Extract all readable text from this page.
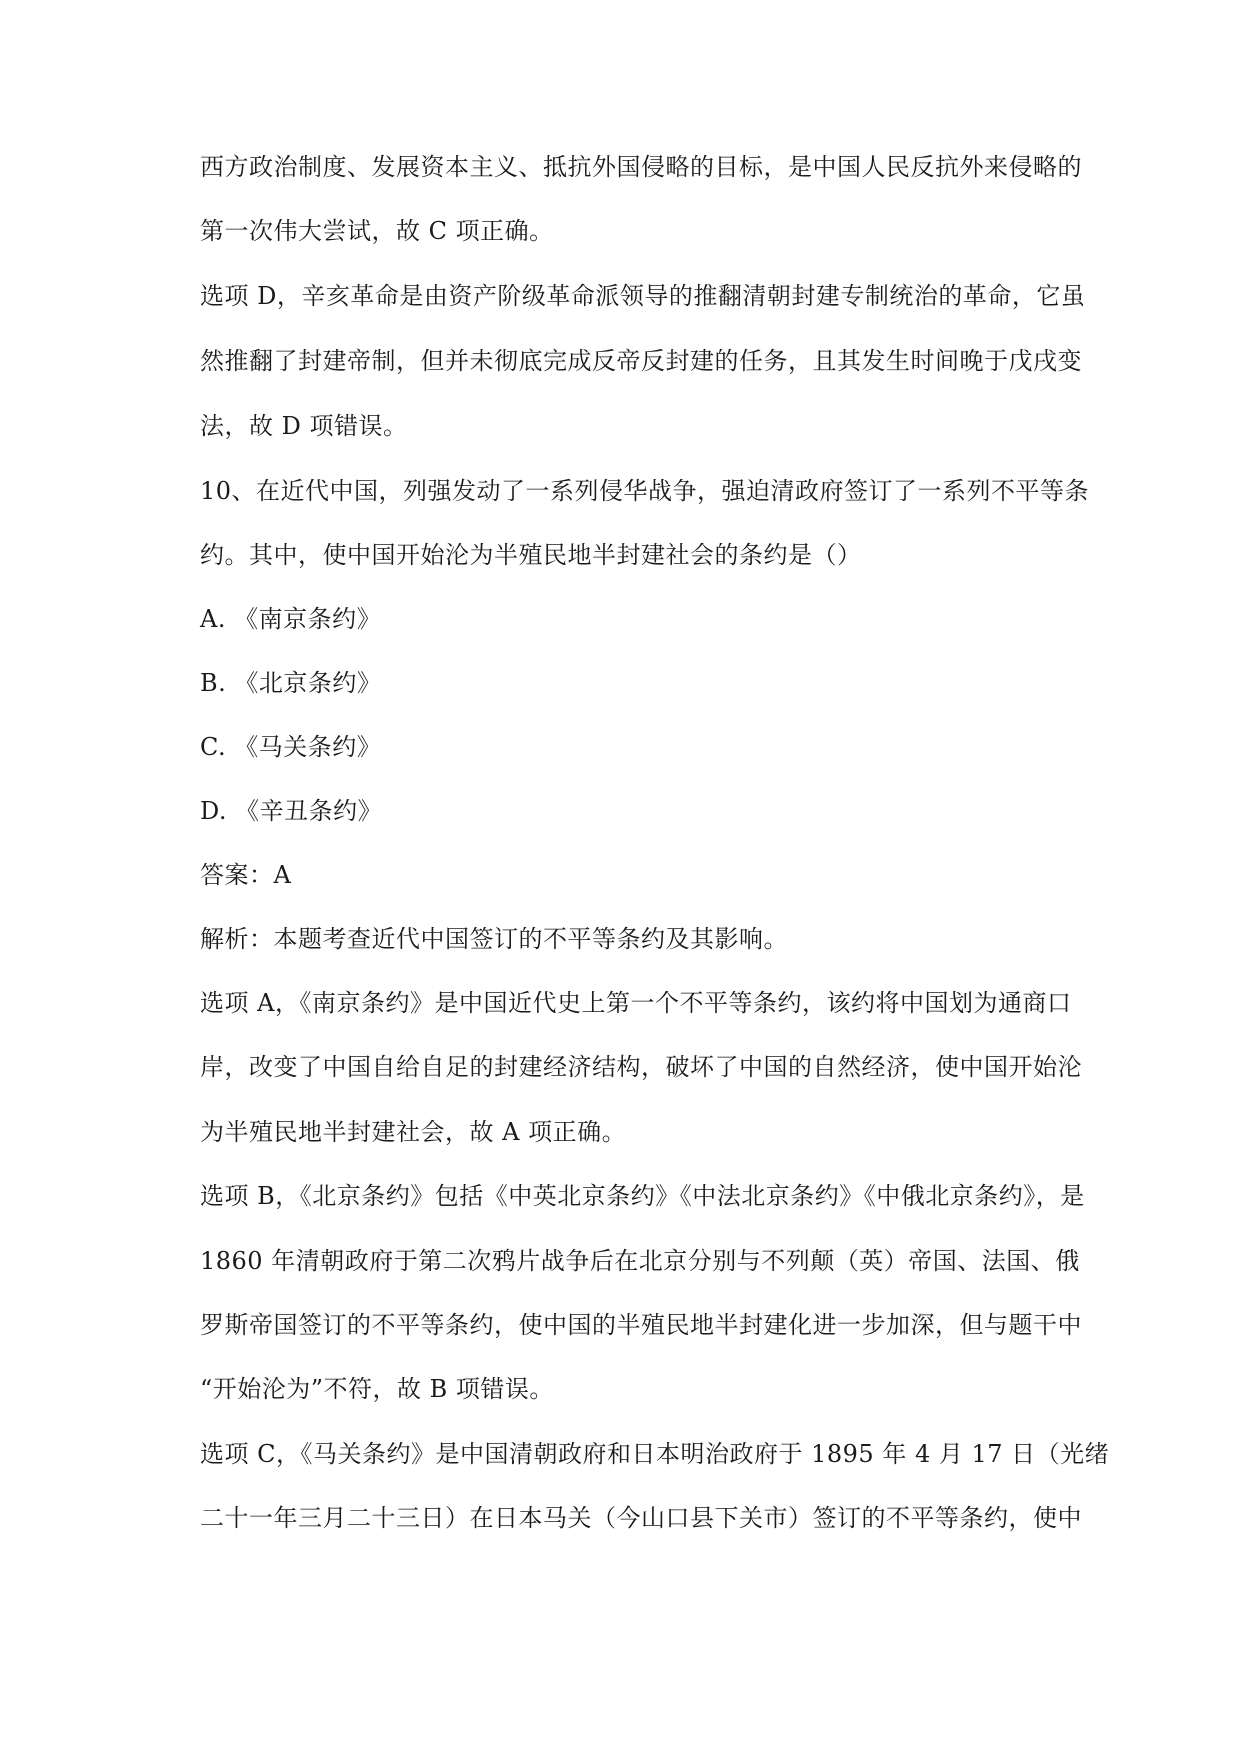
西方政治制度、发展资本主义、抵抗外国侵略的目标，是中国人民反抗外来侵略的
第一次伟大尝试，故 C 项正确。
选项 D，辛亥革命是由资产阶级革命派领导的推翻清朝封建专制统治的革命，它虽
然推翻了封建帝制，但并未彻底完成反帝反封建的任务，且其发生时间晚于戊戌变
法，故 D 项错误。
10、在近代中国，列强发动了一系列侵华战争，强迫清政府签订了一系列不平等条
约。其中，使中国开始沦为半殖民地半封建社会的条约是（）
A. 《南京条约》
B. 《北京条约》
C. 《马关条约》
D. 《辛丑条约》
答案：A
解析：本题考查近代中国签订的不平等条约及其影响。
选项 A，《南京条约》是中国近代史上第一个不平等条约，该约将中国划为通商口
岸，改变了中国自给自足的封建经济结构，破坏了中国的自然经济，使中国开始沦
为半殖民地半封建社会，故 A 项正确。
选项 B，《北京条约》包括《中英北京条约》《中法北京条约》《中俄北京条约》，是
1860 年清朝政府于第二次鸦片战争后在北京分别与不列颠（英）帝国、法国、俄
罗斯帝国签订的不平等条约，使中国的半殖民地半封建化进一步加深，但与题干中
“开始沦为”不符，故 B 项错误。
选项 C，《马关条约》是中国清朝政府和日本明治政府于 1895 年 4 月 17 日（光绪
二十一年三月二十三日）在日本马关（今山口县下关市）签订的不平等条约，使中
